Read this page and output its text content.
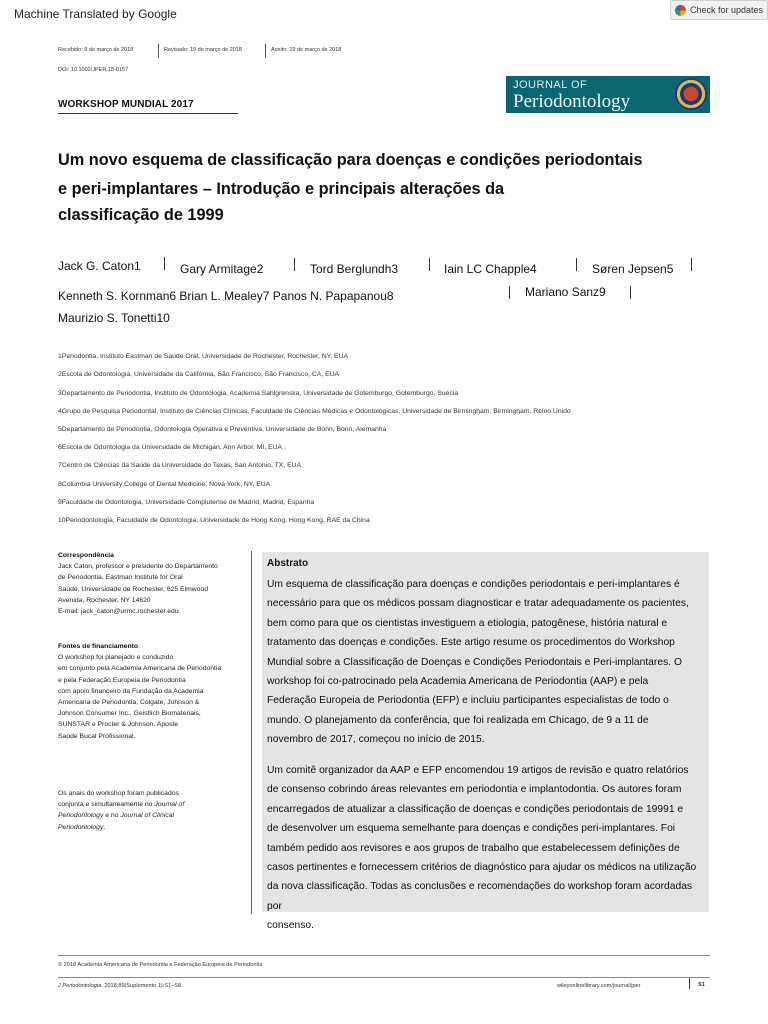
Machine Translated by Google	Check for updates
Recebido: 9 de março de 2018	Revisado: 19 de março de 2018	Aceito: 19 de março de 2018
DOI: 10.1002/JPER.18-0157
JOURNAL OF
Periodontology
WORKSHOP MUNDIAL 2017
Um novo esquema de classificação para doenças e condições periodontais
e peri-implantares – Introdução e principais alterações da
classificação de 1999
Jack G. Caton1	Gary Armitage2	Tord Berglundh3	Iain LC Chapple4	Søren Jepsen5
Kenneth S. Kornman6 Brian L. Mealey7 Panos N. Papapanou8	Mariano Sanz9
Maurizio S. Tonetti10
1Periodontia, Instituto Eastman de Saúde Oral, Universidade de Rochester, Rochester, NY, EUA
2Escola de Odontologia, Universidade da Califórnia, São Francisco, São Francisco, CA, EUA
3Departamento de Periodontia, Instituto de Odontologia, Academia Sahlgrenska, Universidade de Gotemburgo, Gotemburgo, Suécia
4Grupo de Pesquisa Periodontal, Instituto de Ciências Clínicas, Faculdade de Ciências Médicas e Odontológicas, Universidade de Birmingham, Birmingham, Reino Unido
5Departamento de Periodontia, Odontologia Operativa e Preventiva, Universidade de Bonn, Bonn, Alemanha
6Escola de Odontologia da Universidade de Michigan, Ann Arbor, MI, EUA
7Centro de Ciências da Saúde da Universidade do Texas, San Antonio, TX, EUA
8Columbia University College of Dental Medicine, Nova York, NY, EUA
9Faculdade de Odontologia, Universidade Complutense de Madrid, Madrid, Espanha
10Periodontologia, Faculdade de Odontologia, Universidade de Hong Kong, Hong Kong, RAE da China
Correspondência
Jack Caton, professor e presidente do Departamento
de Periodontia, Eastman Institute for Oral
Saúde, Universidade de Rochester, 625 Elmwood
Avenida, Rochester, NY 14620
E-mail: jack_caton@urmc.rochester.edu
Fontes de financiamento
O workshop foi planejado e conduzido
em conjunto pela Academia Americana de Periodontia
e pela Federação Europeia de Periodontia
com apoio financeiro da Fundação da Academia
Americana de Periodontia, Colgate, Johnson &
Johnson Consumer Inc., Geistlich Biomateriais,
SUNSTAR e Procter & Johnson. Aposte
Saúde Bucal Profissional.
Os anais do workshop foram publicados
conjunta e simultaneamente no Journal of
Periodontology e no Journal of Clinical
Periodontology.
Abstrato
Um esquema de classificação para doenças e condições periodontais e peri-implantares é
necessário para que os médicos possam diagnosticar e tratar adequadamente os pacientes,
bem como para que os cientistas investiguem a etiologia, patogênese, história natural e
tratamento das doenças e condições. Este artigo resume os procedimentos do Workshop
Mundial sobre a Classificação de Doenças e Condições Periodontais e Peri-implantares. O
workshop foi co-patrocinado pela Academia Americana de Periodontia (AAP) e pela
Federação Europeia de Periodontia (EFP) e incluiu participantes especialistas de todo o
mundo. O planejamento da conferência, que foi realizada em Chicago, de 9 a 11 de
novembro de 2017, começou no início de 2015.
Um comitê organizador da AAP e EFP encomendou 19 artigos de revisão e quatro relatórios
de consenso cobrindo áreas relevantes em periodontia e implantodontia. Os autores foram
encarregados de atualizar a classificação de doenças e condições periodontais de 19991 e
de desenvolver um esquema semelhante para doenças e condições peri-implantares. Foi
também pedido aos revisores e aos grupos de trabalho que estabelecessem definições de
casos pertinentes e fornecessem critérios de diagnóstico para ajudar os médicos na utilização
da nova classificação. Todas as conclusões e recomendações do workshop foram acordadas por
consenso.
© 2018 Academia Americana de Periodontia e Federação Europeia de Periodontia
J Periodontologia. 2018;89(Suplemento 1):S1–S8.	wileyonlinelibrary.com/journal/jper	S1
